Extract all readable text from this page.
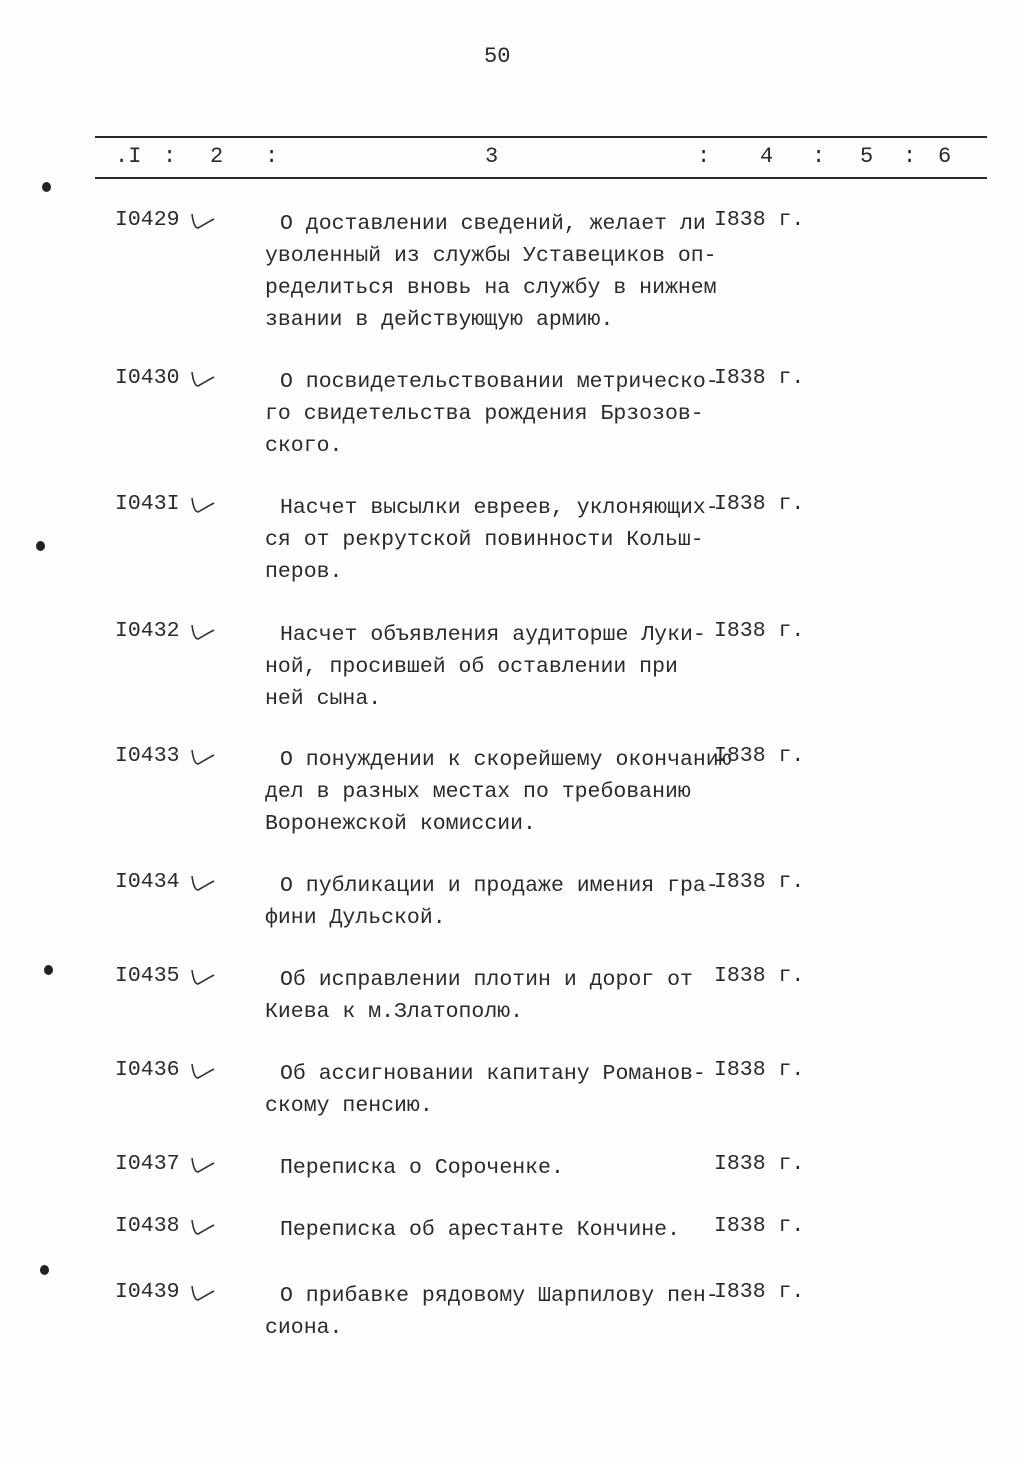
50
.I : 2 :	3	: 4 : 5 : 6
I0429	О доставлении сведений, желает ли
уволенный из службы Уставециков оп-
ределиться вновь на службу в нижнем
звании в действующую армию.
I838 г.
I0430	О посвидетельствовании метрическо-
го свидетельства рождения Брзозов-
ского.
I838 г.
I043I	Насчет высылки евреев, уклоняющих-
ся от рекрутской повинности Кольш-
перов.
I838 г.
I0432	Насчет объявления аудиторше Луки-
ной, просившей об оставлении при
ней сына.
I838 г.
I0433	О понуждении к скорейшему окончанию
дел в разных местах по требованию
Воронежской комиссии.
I838 г.
I0434	О публикации и продаже имения гра-
фини Дульской.
I838 г.
I0435	Об исправлении плотин и дорог от
Киева к м.Златополю.
I838 г.
I0436	Об ассигновании капитану Романов-
скому пенсию.
I838 г.
I0437	Переписка о Сороченке.	I838 г.
I0438	Переписка об арестанте Кончине. I838 г.
I0439	О прибавке рядовому Шарпилову пен-
сиона.
I838 г.
